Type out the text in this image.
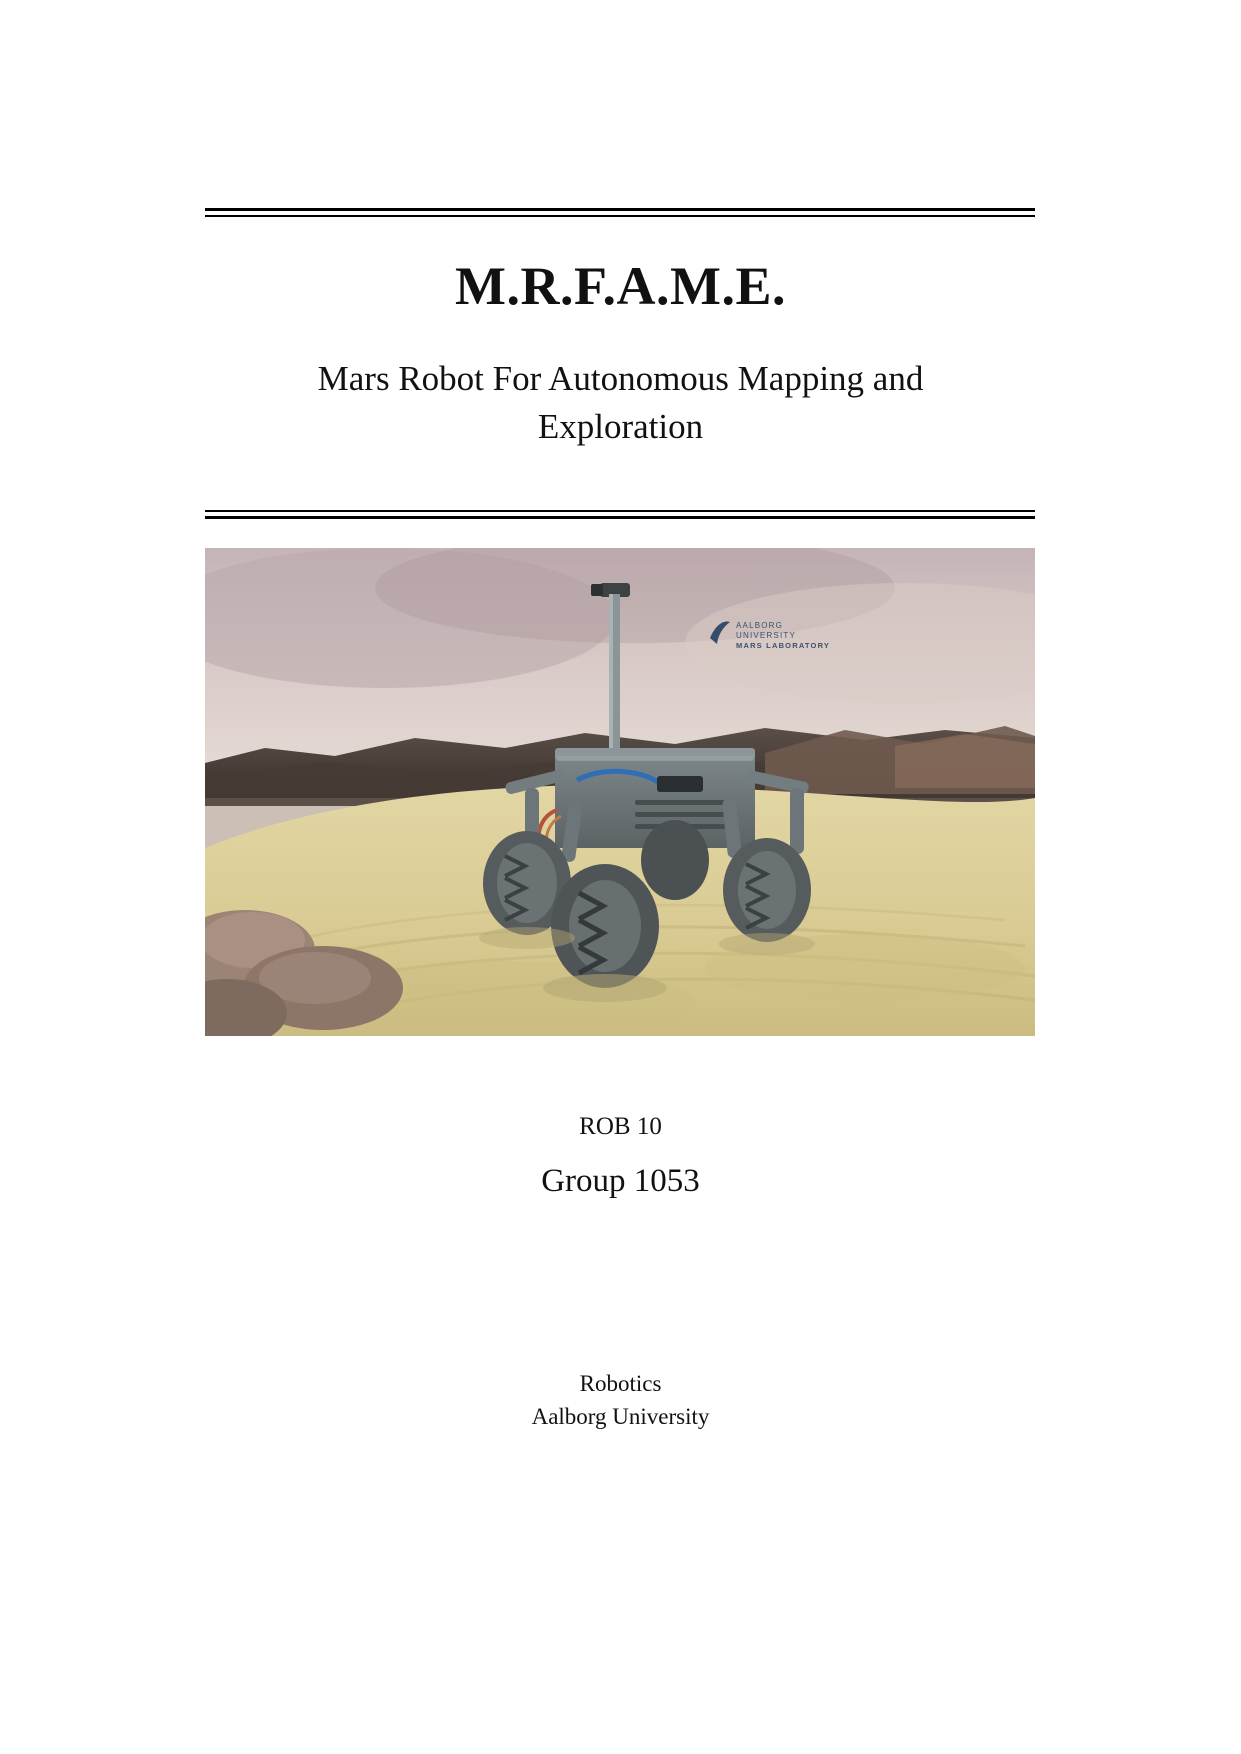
M.R.F.A.M.E.
Mars Robot For Autonomous Mapping and Exploration
AALBORG
UNIVERSITY
MARS LABORATORY
ROB 10
Group 1053
Robotics
Aalborg University
